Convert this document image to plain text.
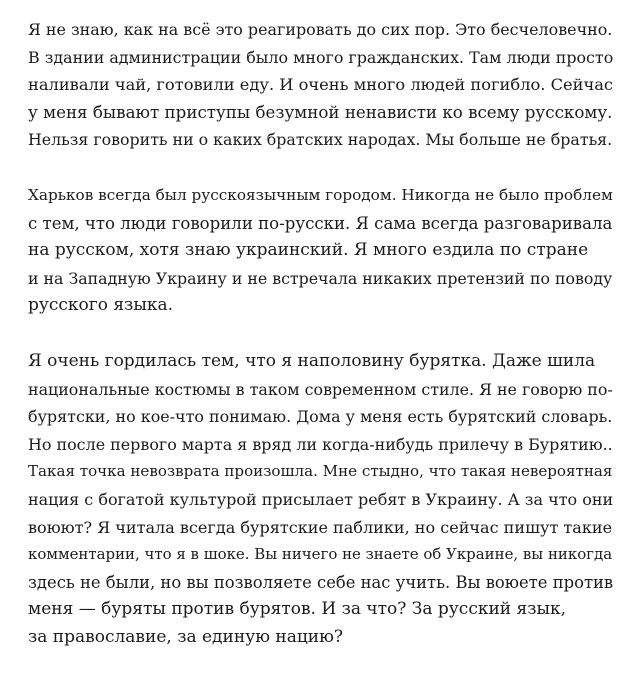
Я не знаю, как на всё это реагировать до сих пор. Это бесчеловечно.
В здании администрации было много гражданских. Там люди просто
наливали чай, готовили еду. И очень много людей погибло. Сейчас
у меня бывают приступы безумной ненависти ко всему русскому.
Нельзя говорить ни о каких братских народах. Мы больше не братья.

Харьков всегда был русскоязычным городом. Никогда не было проблем
с тем, что люди говорили по-русски. Я сама всегда разговаривала
на русском, хотя знаю украинский. Я много ездила по стране
и на Западную Украину и не встречала никаких претензий по поводу
русского языка.

Я очень гордилась тем, что я наполовину бурятка. Даже шила
национальные костюмы в таком современном стиле. Я не говорю по-
бурятски, но кое-что понимаю. Дома у меня есть бурятский словарь.
Но после первого марта я вряд ли когда-нибудь прилечу в Бурятию..
Такая точка невозврата произошла. Мне стыдно, что такая невероятная
нация с богатой культурой присылает ребят в Украину. А за что они
воюют? Я читала всегда бурятские паблики, но сейчас пишут такие
комментарии, что я в шоке. Вы ничего не знаете об Украине, вы никогда
здесь не были, но вы позволяете себе нас учить. Вы воюете против
меня — буряты против бурятов. И за что? За русский язык,
за православие, за единую нацию?
